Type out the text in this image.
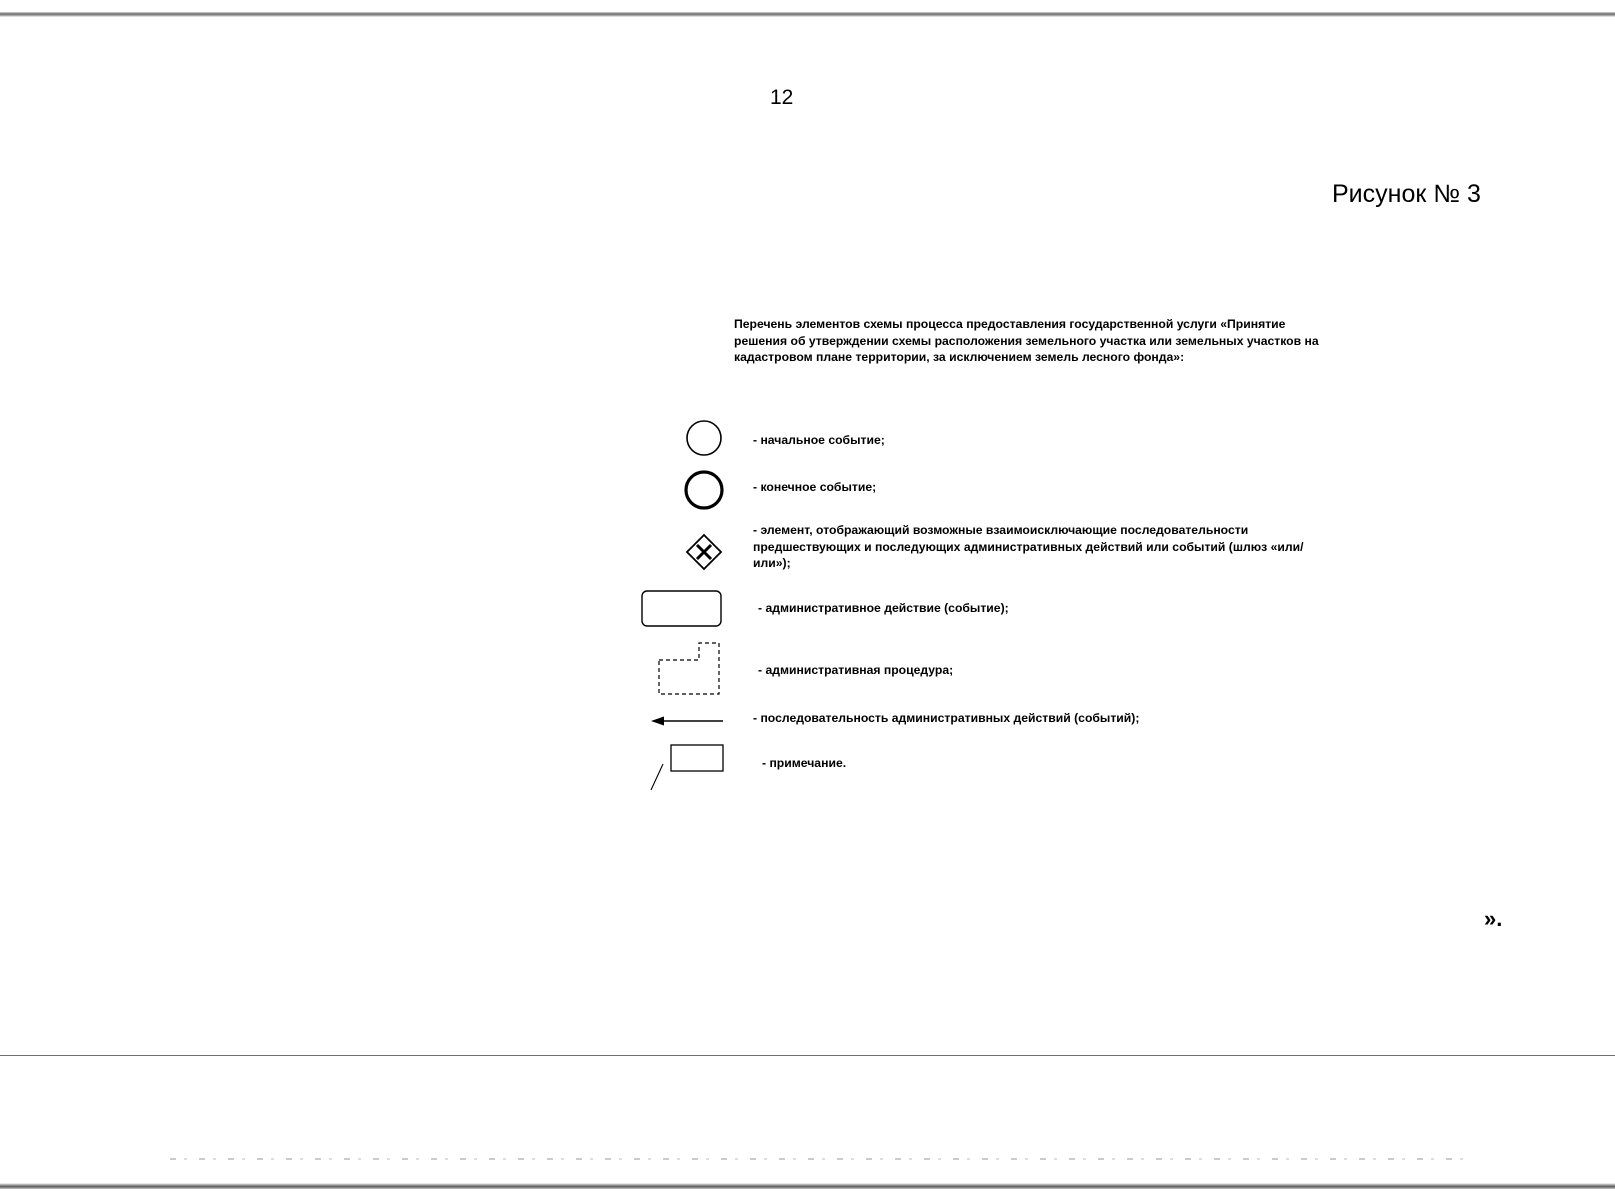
12
Рисунок № 3
Перечень элементов схемы процесса предоставления государственной услуги «Принятие решения об утверждении схемы расположения земельного участка или земельных участков на кадастровом плане территории, за исключением земель лесного фонда»:
- начальное событие;
- конечное событие;
- элемент, отображающий возможные взаимоисключающие последовательности предшествующих и последующих административных действий или событий (шлюз «или/или»);
- административное действие (событие);
- административная процедура;
- последовательность административных действий (событий);
- примечание.
».
